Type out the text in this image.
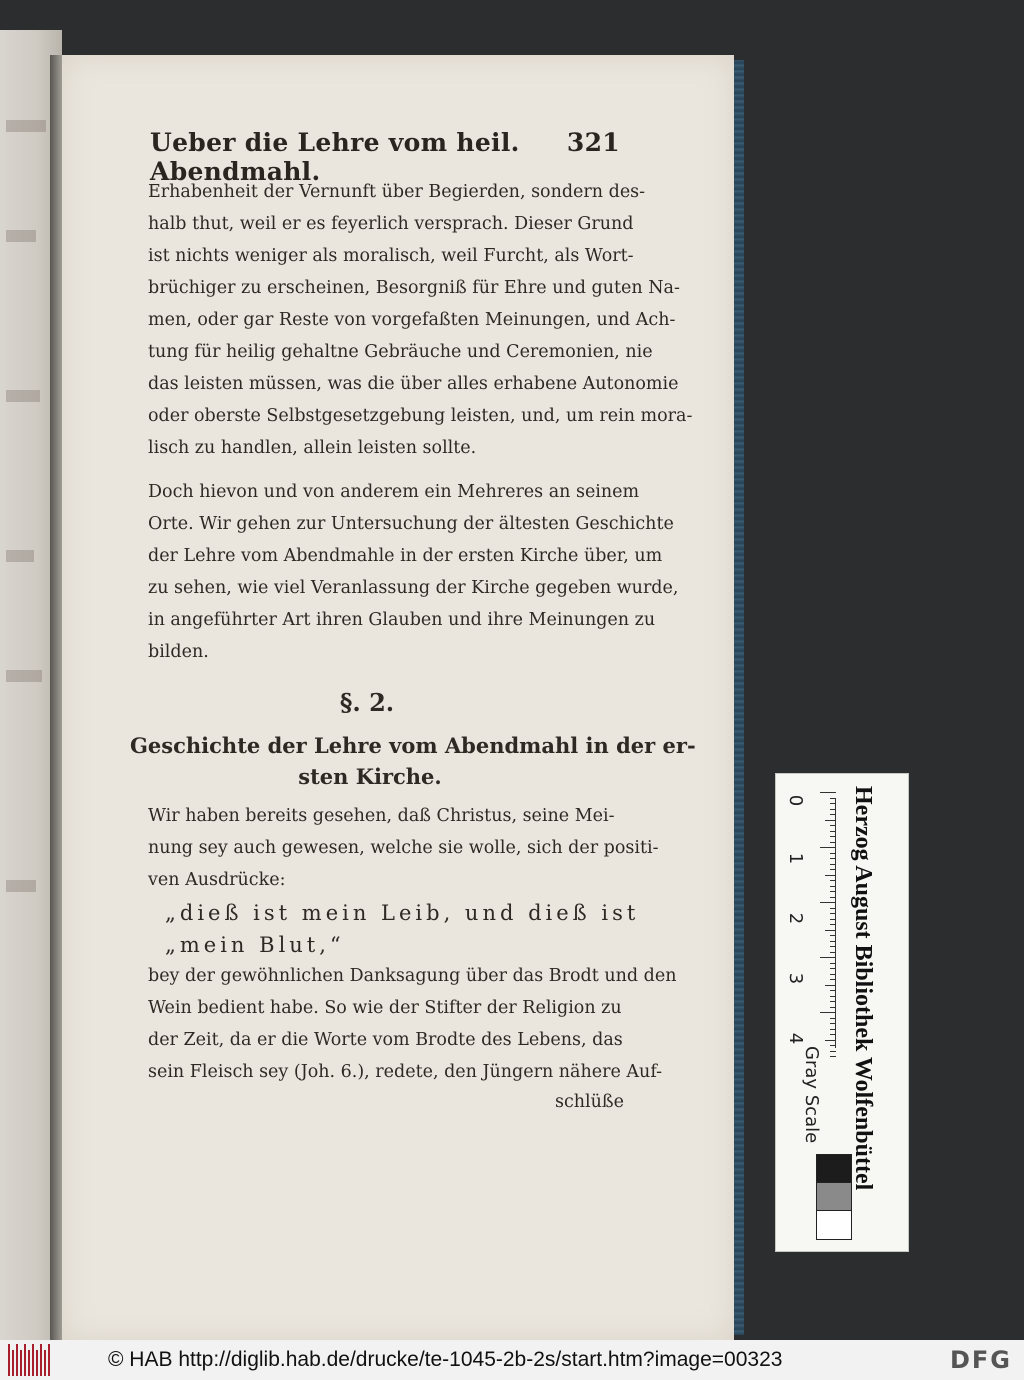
Ueber die Lehre vom heil. Abendmahl.
321
Erhabenheit der Vernunft über Begierden, sondern des-
halb thut, weil er es feyerlich versprach. Dieser Grund
ist nichts weniger als moralisch, weil Furcht, als Wort-
brüchiger zu erscheinen, Besorgniß für Ehre und guten Na-
men, oder gar Reste von vorgefaßten Meinungen, und Ach-
tung für heilig gehaltne Gebräuche und Ceremonien, nie
das leisten müssen, was die über alles erhabene Autonomie
oder oberste Selbstgesetzgebung leisten, und, um rein mora-
lisch zu handlen, allein leisten sollte.
Doch hievon und von anderem ein Mehreres an seinem
Orte. Wir gehen zur Untersuchung der ältesten Geschichte
der Lehre vom Abendmahle in der ersten Kirche über, um
zu sehen, wie viel Veranlassung der Kirche gegeben wurde,
in angeführter Art ihren Glauben und ihre Meinungen zu
bilden.
§. 2.
Geschichte der Lehre vom Abendmahl in der er-
sten Kirche.
Wir haben bereits gesehen, daß Christus, seine Mei-
nung sey auch gewesen, welche sie wolle, sich der positi-
ven Ausdrücke:
„dieß ist mein Leib, und dieß ist
„mein Blut,“
bey der gewöhnlichen Danksagung über das Brodt und den
Wein bedient habe. So wie der Stifter der Religion zu
der Zeit, da er die Worte vom Brodte des Lebens, das
sein Fleisch sey (Joh. 6.), redete, den Jüngern nähere Auf-
schlüße
0
1
2
3
4
Gray Scale Herzog August Bibliothek Wolfenbüttel
© HAB http://diglib.hab.de/drucke/te-1045-2b-2s/start.htm?image=00323	DFG
